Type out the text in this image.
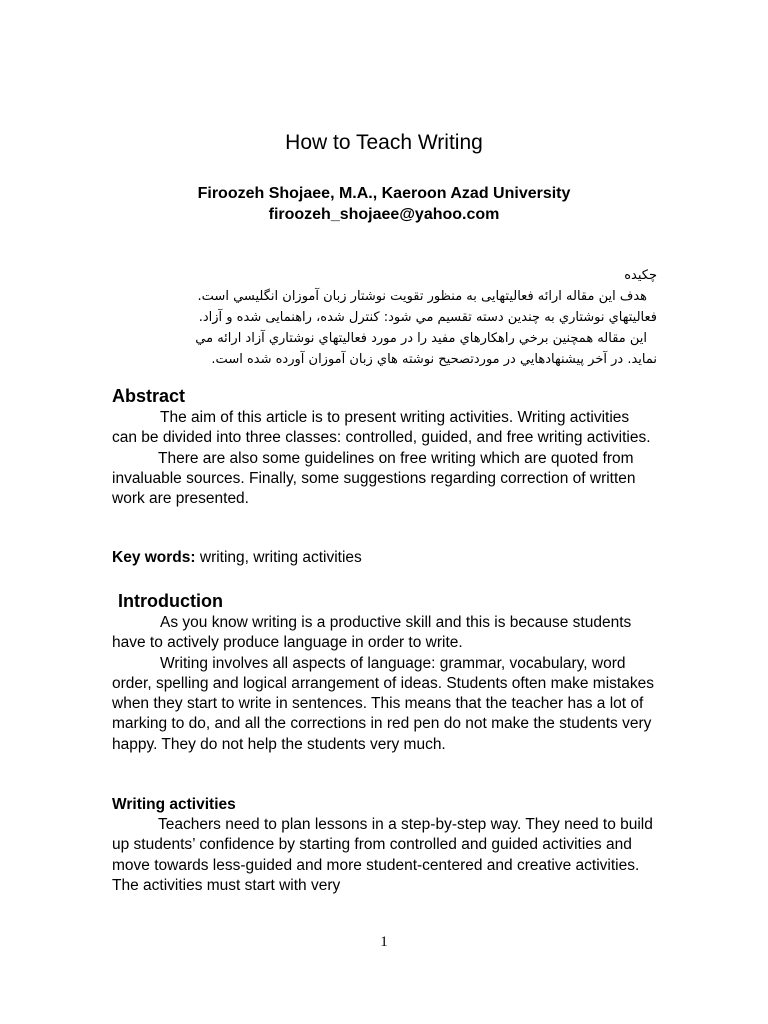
How to Teach Writing
Firoozeh Shojaee, M.A., Kaeroon Azad University
firoozeh_shojaee@yahoo.com

چکیده

هدف این مقاله ارائه فعالیتهایی به منظور تقویت نوشتار زبان آموزان انگلیسي است.

فعالیتهاي نوشتاري به چندین دسته تقسیم مي شود: کنترل شده، راهنمایی شده و آزاد.

این مقاله همچنین برخي راهکارهاي مفید را در مورد فعالیتهاي نوشتاري آزاد ارائه مي

نماید. در آخر پیشنهادهایي در موردتصحیح نوشته هاي زبان آموزان آورده شده است.

Abstract

The aim of this article is to present writing activities. Writing activities can be divided into three classes: controlled, guided, and free writing activities.

There are also some guidelines on free writing which are quoted from invaluable sources. Finally, some suggestions regarding correction of written work are presented.

Key words: writing, writing activities
Introduction

As you know writing is a productive skill and this is because students have to actively produce language in order to write.

Writing involves all aspects of language: grammar, vocabulary, word order, spelling and logical arrangement of ideas. Students often make mistakes when they start to write in sentences. This means that the teacher has a lot of marking to do, and all the corrections in red pen do not make the students very happy. They do not help the students very much.

Writing activities

Teachers need to plan lessons in a step-by-step way. They need to build up students’ confidence by starting from controlled and guided activities and move towards less-guided and more student-centered and creative activities. The activities must start with very

1
